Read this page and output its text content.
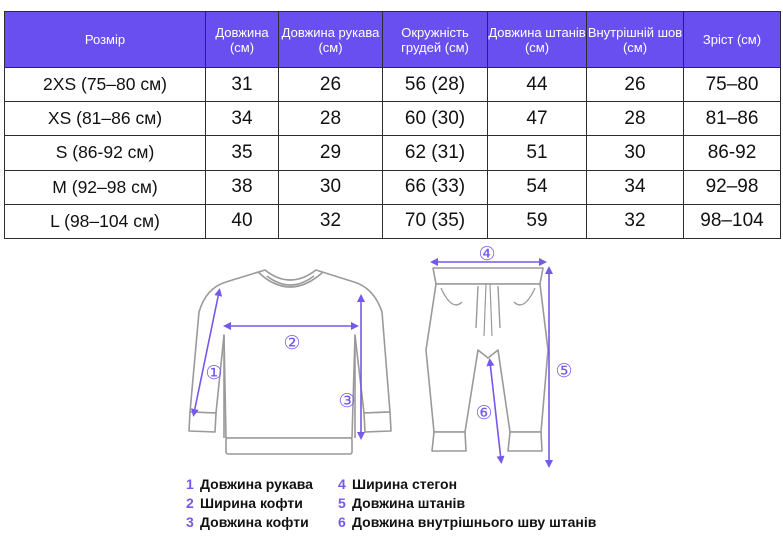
Розмір	Довжина (см)	Довжина рукава (см)	Окружність грудей (см)	Довжина штанів (см)	Внутрішній шов (см)	Зріст (см)
2XS (75–80 см)	31	26	56 (28)	44	26	75–80
XS (81–86 см)	34	28	60 (30)	47	28	81–86
S (86-92 см)	35	29	62 (31)	51	30	86-92
M (92–98 см)	38	30	66 (33)	54	34	92–98
L (98–104 см)	40	32	70 (35)	59	32	98–104
①
②
③
④
⑤
⑥
1 Довжина рукава
2 Ширина кофти
3 Довжина кофти
4 Ширина стегон
5 Довжина штанів
6 Довжина внутрішнього шву штанів
